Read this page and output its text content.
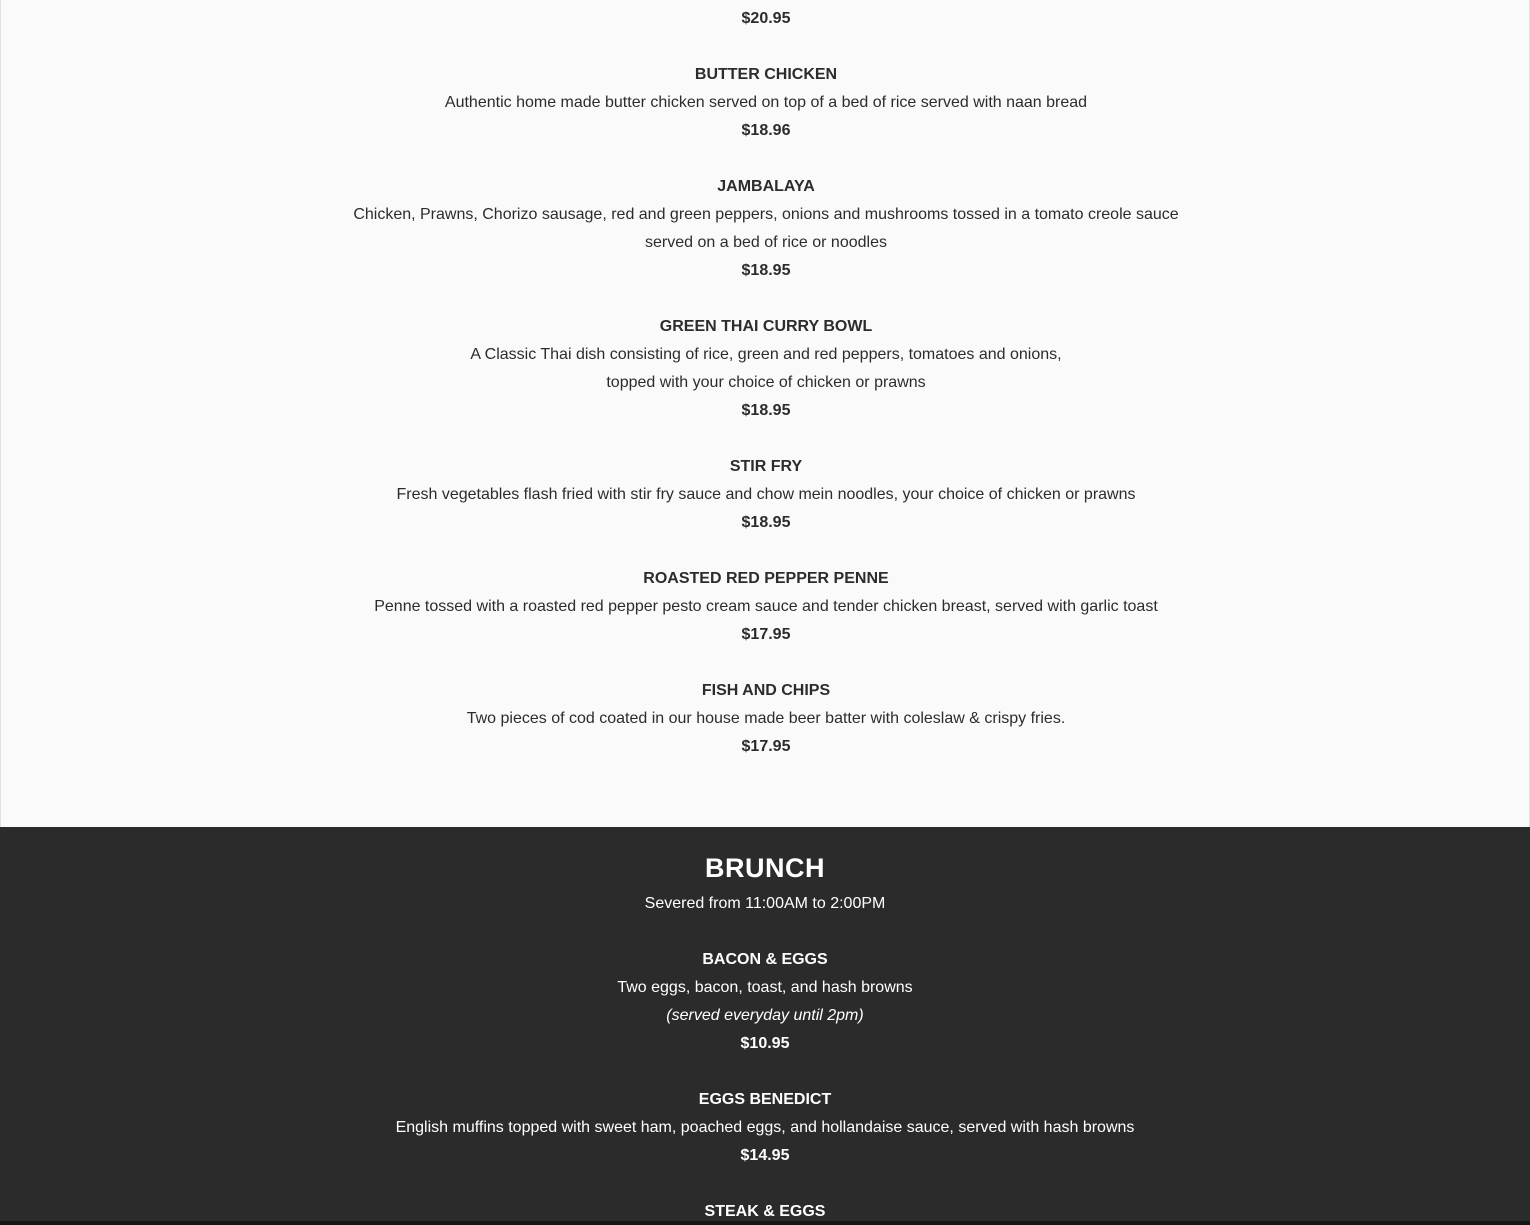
$20.95
BUTTER CHICKEN
Authentic home made butter chicken served on top of a bed of rice served with naan bread
$18.96
JAMBALAYA
Chicken, Prawns, Chorizo sausage, red and green peppers, onions and mushrooms tossed in a tomato creole sauce
served on a bed of rice or noodles
$18.95
GREEN THAI CURRY BOWL
A Classic Thai dish consisting of rice, green and red peppers, tomatoes and onions,
topped with your choice of chicken or prawns
$18.95
STIR FRY
Fresh vegetables flash fried with stir fry sauce and chow mein noodles, your choice of chicken or prawns
$18.95
ROASTED RED PEPPER PENNE
Penne tossed with a roasted red pepper pesto cream sauce and tender chicken breast, served with garlic toast
$17.95
FISH AND CHIPS
Two pieces of cod coated in our house made beer batter with coleslaw & crispy fries.
$17.95
BRUNCH
Severed from 11:00AM to 2:00PM
BACON & EGGS
Two eggs, bacon, toast, and hash browns
(served everyday until 2pm)
$10.95
EGGS BENEDICT
English muffins topped with sweet ham, poached eggs, and hollandaise sauce, served with hash browns
$14.95
STEAK & EGGS
